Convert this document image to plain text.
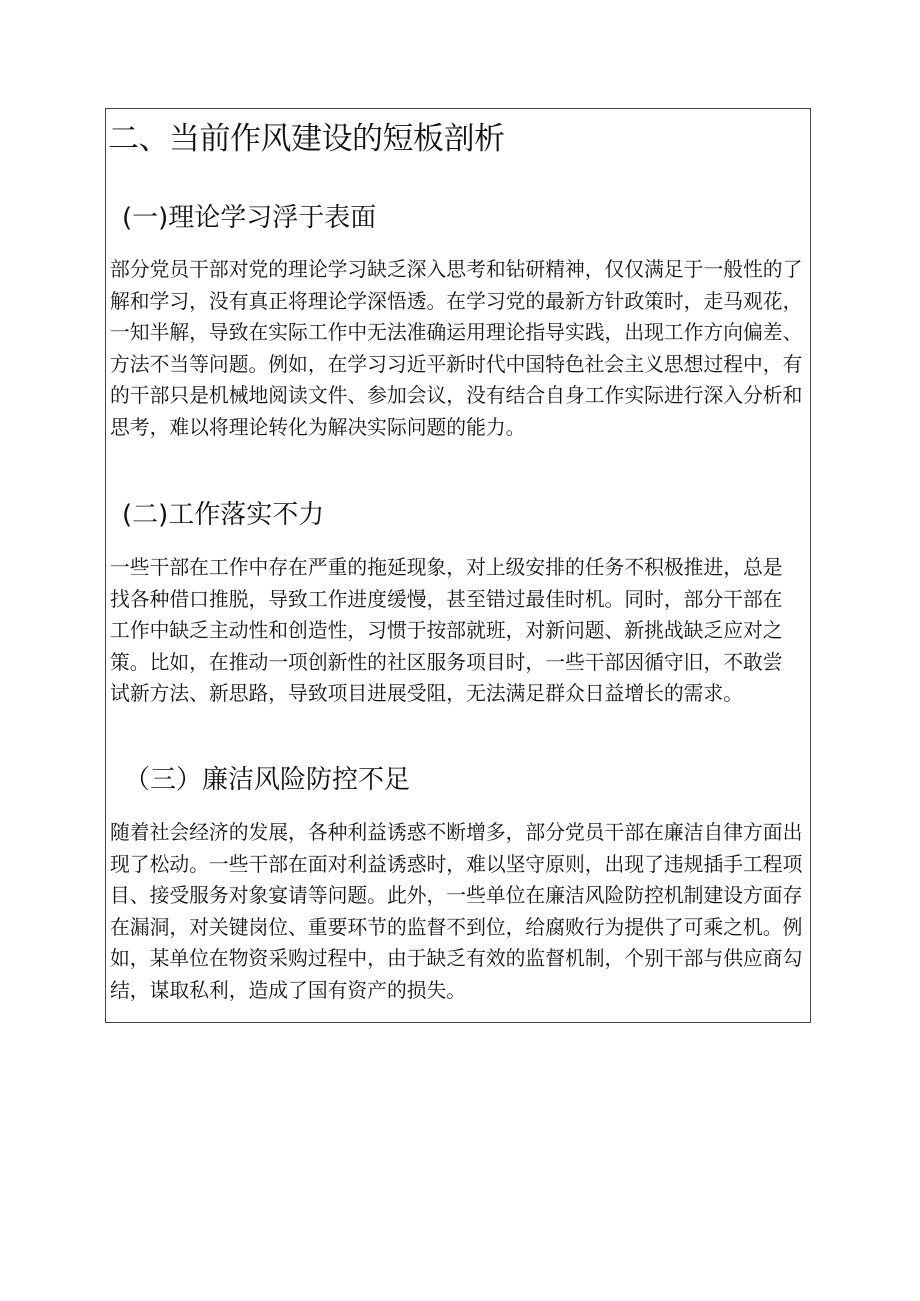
二、当前作风建设的短板剖析
(一)理论学习浮于表面
部分党员干部对党的理论学习缺乏深入思考和钻研精神，仅仅满足于一般性的了
解和学习，没有真正将理论学深悟透。在学习党的最新方针政策时，走马观花，
一知半解，导致在实际工作中无法准确运用理论指导实践，出现工作方向偏差、
方法不当等问题。例如，在学习习近平新时代中国特色社会主义思想过程中，有
的干部只是机械地阅读文件、参加会议，没有结合自身工作实际进行深入分析和
思考，难以将理论转化为解决实际问题的能力。
(二)工作落实不力
一些干部在工作中存在严重的拖延现象，对上级安排的任务不积极推进，总是
找各种借口推脱，导致工作进度缓慢，甚至错过最佳时机。同时，部分干部在
工作中缺乏主动性和创造性，习惯于按部就班，对新问题、新挑战缺乏应对之
策。比如，在推动一项创新性的社区服务项目时，一些干部因循守旧，不敢尝
试新方法、新思路，导致项目进展受阻，无法满足群众日益增长的需求。
（三）廉洁风险防控不足
随着社会经济的发展，各种利益诱惑不断增多，部分党员干部在廉洁自律方面出
现了松动。一些干部在面对利益诱惑时，难以坚守原则，出现了违规插手工程项
目、接受服务对象宴请等问题。此外，一些单位在廉洁风险防控机制建设方面存
在漏洞，对关键岗位、重要环节的监督不到位，给腐败行为提供了可乘之机。例
如，某单位在物资采购过程中，由于缺乏有效的监督机制，个别干部与供应商勾
结，谋取私利，造成了国有资产的损失。
